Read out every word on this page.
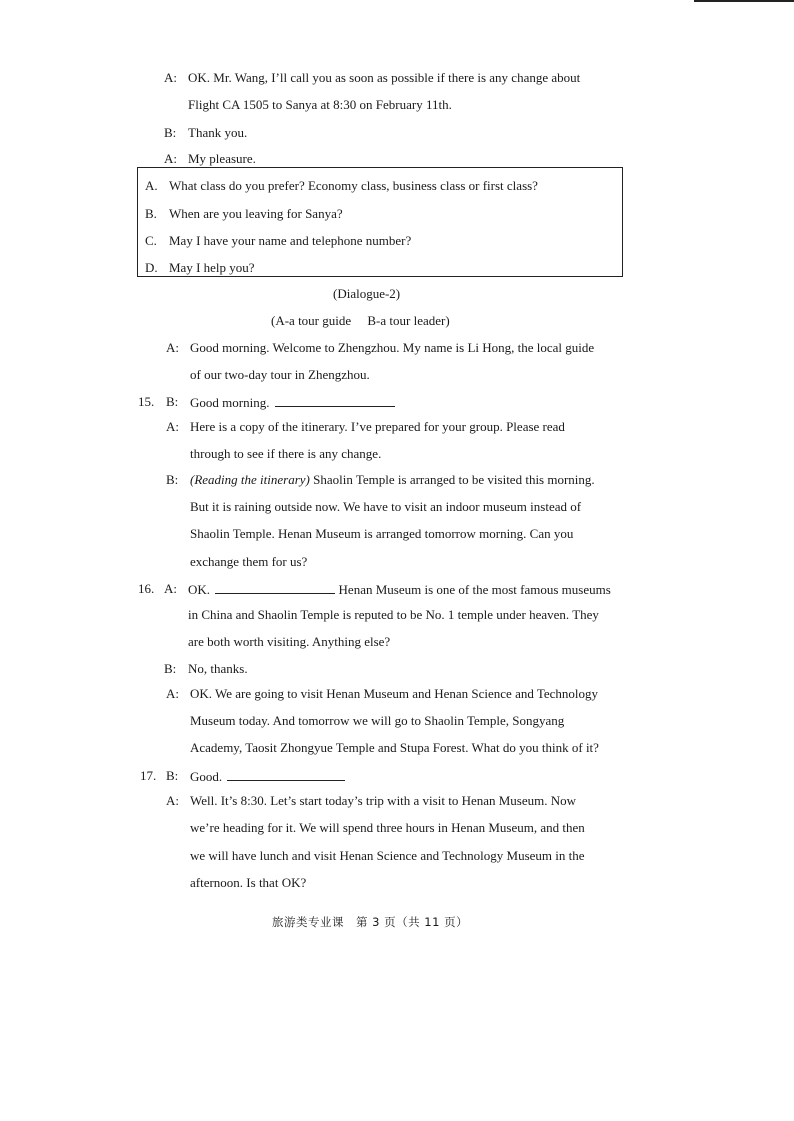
A: OK. Mr. Wang, I’ll call you as soon as possible if there is any change about
Flight CA 1505 to Sanya at 8:30 on February 11th.
B: Thank you.
A: My pleasure.
A. What class do you prefer? Economy class, business class or first class?
B. When are you leaving for Sanya?
C. May I have your name and telephone number?
D. May I help you?
(Dialogue-2)
(A-a tour guide     B-a tour leader)
A: Good morning. Welcome to Zhengzhou. My name is Li Hong, the local guide
of our two-day tour in Zhengzhou.
15. B: Good morning.
A: Here is a copy of the itinerary. I’ve prepared for your group. Please read
through to see if there is any change.
B: (Reading the itinerary) Shaolin Temple is arranged to be visited this morning.
But it is raining outside now. We have to visit an indoor museum instead of
Shaolin Temple. Henan Museum is arranged tomorrow morning. Can you
exchange them for us?
16. A: OK.	Henan Museum is one of the most famous museums
in China and Shaolin Temple is reputed to be No. 1 temple under heaven. They
are both worth visiting. Anything else?
B: No, thanks.
A: OK. We are going to visit Henan Museum and Henan Science and Technology
Museum today. And tomorrow we will go to Shaolin Temple, Songyang
Academy, Taosit Zhongyue Temple and Stupa Forest. What do you think of it?
17. B: Good.
A: Well. It’s 8:30. Let’s start today’s trip with a visit to Henan Museum. Now
we’re heading for it. We will spend three hours in Henan Museum, and then
we will have lunch and visit Henan Science and Technology Museum in the
afternoon. Is that OK?
旅游类专业课　第 3 页（共 11 页）
